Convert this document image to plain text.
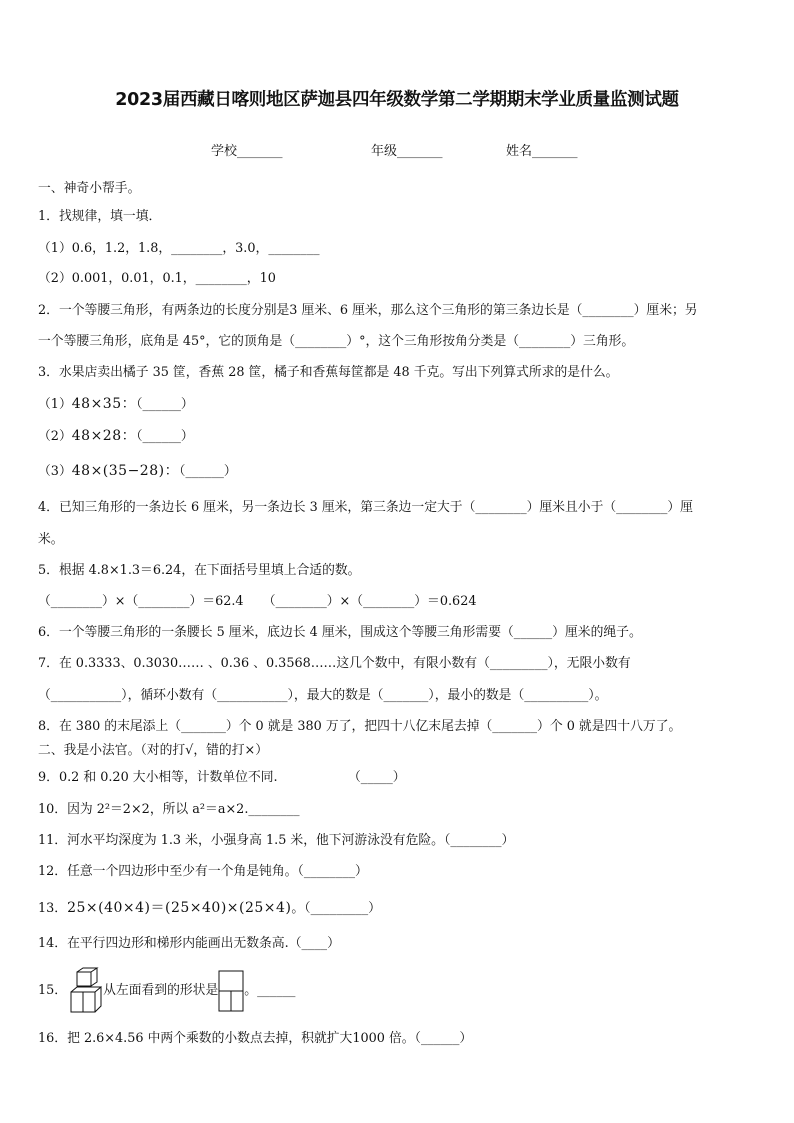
2023届西藏日喀则地区萨迦县四年级数学第二学期期末学业质量监测试题
学校_______	年级_______	姓名_______
一、神奇小帮手。
1．找规律，填一填．
（1）0.6，1.2，1.8，________，3.0，________
（2）0.001，0.01，0.1，________，10
2．一个等腰三角形，有两条边的长度分别是3 厘米、6 厘米，那么这个三角形的第三条边长是（________）厘米；另
一个等腰三角形，底角是 45°，它的顶角是（________）°，这个三角形按角分类是（________）三角形。
3．水果店卖出橘子 35 筐，香蕉 28 筐，橘子和香蕉每筐都是 48 千克。写出下列算式所求的是什么。
（1）48×35：（______）
（2）48×28：（______）
（3）48×(35−28)：（______）
4．已知三角形的一条边长 6 厘米，另一条边长 3 厘米，第三条边一定大于（________）厘米且小于（________）厘
米。
5．根据 4.8×1.3＝6.24，在下面括号里填上合适的数。
（________）×（________）＝62.4　　（________）×（________）＝0.624
6．一个等腰三角形的一条腰长 5 厘米，底边长 4 厘米，围成这个等腰三角形需要（______）厘米的绳子。
7．在 0.3333、0.3030…… 、0.36 、0.3568……这几个数中，有限小数有（_________），无限小数有
（___________），循环小数有（___________），最大的数是（_______），最小的数是（__________）。
8．在 380 的末尾添上（_______）个 0 就是 380 万了，把四十八亿末尾去掉（_______）个 0 就是四十八万了。
二、我是小法官。（对的打√，错的打×）
9．0.2 和 0.20 大小相等，计数单位不同.　　　　　　（_____）
10．因为 2²＝2×2，所以 a²＝a×2.________
11．河水平均深度为 1.3 米，小强身高 1.5 米，他下河游泳没有危险。（________）
12．任意一个四边形中至少有一个角是钝角。（________）
13．25×(40×4)＝(25×40)×(25×4)。（_________）
14．在平行四边形和梯形内能画出无数条高.（____）
15．	从左面看到的形状是 。______
16．把 2.6×4.56 中两个乘数的小数点去掉，积就扩大1000 倍。（______）
